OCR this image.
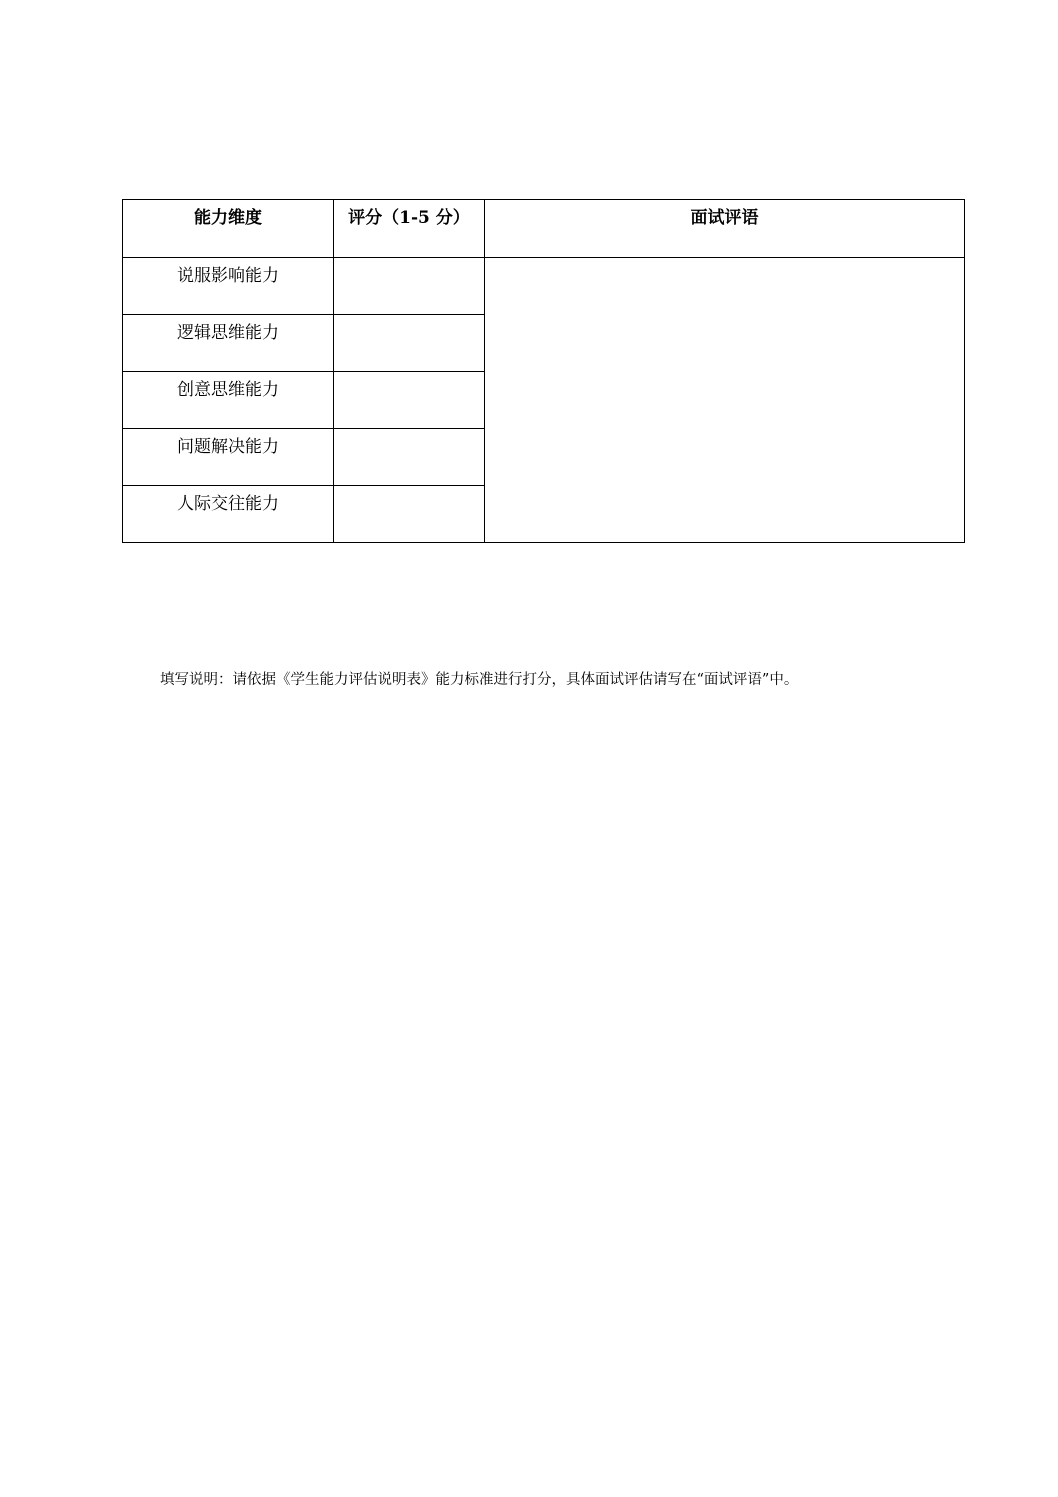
能力维度	评分（1-5 分）	面试评语

说服影响能力		

逻辑思维能力		

创意思维能力		

问题解决能力		

人际交往能力		

填写说明：请依据《学生能力评估说明表》能力标准进行打分，具体面试评估请写在“面试评语”中。
